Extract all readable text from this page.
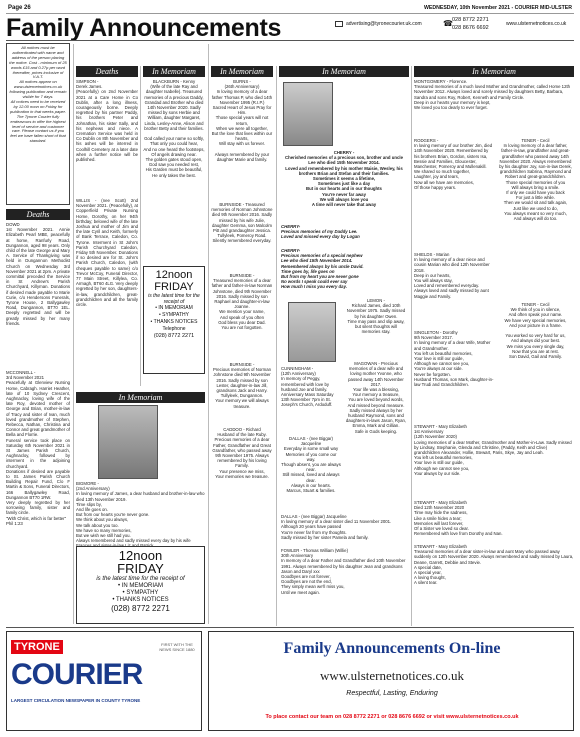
Page 26	WEDNESDAY, 10th November 2021 - COURIER MID-ULSTER
Family Announcements	advertising@tyronecourier.uk.com	☎ 028 8772 2271
028 8676 6692
www.ulsternetnotices.co.uk
All notices must be authenticated with name and address of the person placing the notice. Cost - minimum of 25 words £15 and 0.27p per word thereafter, prices inclusive of V.A.T.
All notices appear on www.ulsternetnotices.co.uk following publication and remain visible for 7 days.
All notices need to be received by 12.00 noon on Friday for publication in that weeks paper. The Tyrone Courier fully endeavours to offer the highest level of service and customer care. Please contact us if you feel we have fallen short of that standard.
Deaths
DOWD
1st November 2021. Annie Elizabeth Pearl MBE, peacefully at home, Ranfurly Road, Dungannon, aged 98 years. Only child of the late George and Mary A. Service of Thankgiving was held in Dungannon Methodist Church on Wednesday 3rd November 2021 at 2pm. A private committal preceded the Service in St Andrew's Parish Churchyard, Killyman. Donations if desired made payable to Marie Curie, c/o Hendersons Funerals, Tyrone House, 2 Ballygawley Road, Dungannon, BT70 1EL. Deeply regretted and will be greatly missed by her many friends.
MCCONNELL -
3rd November 2021
Peacefully at Glenview Nursing Home, Cabragh. Harriet Heather, late of 10 Sydney Crescent, Aughnacloy, loving wife of the late Roy, devoted mother of George and Brian, mother-in-law of Tracy and sister of Ivan, much loved grandmother of Stephen, Rebecca, Nathan, Christina and Connor and great grandmother of Bella and Florrie.
Funeral service took place on Saturday 6th November 2021 in St James Parish Church, Aughnacloy, followed by interment in the adjoining churchyard.
Donations if desired are payable to St. James Parish Church Building Repair Fund, C/o F Martin & Sons, Funeral Directors, 166 Ballygawley Road, Dungannon BT70 1RW.
Very deeply regretted by her sorrowing family, sister and family circle.
"With Christ, which is far better"
Phil 1:23
Deaths
SIMPSON -
Derek James.
(Peacefully) on 2nd November 2021 at a Care Home in Co Dublin, after a long illness, courageously borne. Deeply regretted by his partner Paddy, his brothers Peter and Johnathan, his sister Sally, and his nephews and niece. A Cremation Service was held in Co Dublin on 8th November and his ashes will be interred in Coolhill Cemetery at a later date when a further notice will be published.
WILLIS - (nee Scott) 2nd November 2021. (Peacefully), at Copperfield Private Nursing Home, Dorothy, on her 94th birthday; beloved wife of the late Joshua and mother of Jim and the late Cyril and Keith, formerly of Bank Terrace, Caledon, Co. Tyrone. Interment in St John's Parish Churchyard Caledon, Friday 5th November. Donations if so desired are for St. John's Parish Church, Caledon, (with cheques payable to same) c/o Trevor McCoy, Funeral Director, 77 Main Street, Killylea, Co. Armagh, BT60 4LG. Very deeply regretted by her son, daughters-in-law, grandchildren, great-grandchildren and all the family circle.
In Memoriam
BLACKBURN - Kenny
(Wife of the late Ray and daughter Isabelle). Treasured memories of a precious Daddy, Grandad and Brother who died 14th November 2020. Sadly missed by sons Herbie and William, daughter Margaret, Linda, Lesley-Anne, Alison and brother Betty and their families.

God called your name so softly,
That only you could hear,
And no one heard the footsteps,
Of angels drawing near.
The golden gates stood open,
God saw you needed rest,
His Garden must be beautiful,
He only takes the best.
12noon
FRIDAY
is the latest time for the receipt of
• IN MEMORIAM
• SYMPATHY
• THANKS NOTICES
Telephone
(028) 8772 2271
In Memoriam
BIGMORE -
(2nd Anniversary)
In loving memory of James, a dear husband and brother-in-law who died 13th November 2019.
Time slips by,
And life goes on.
But from our hearts you're never gone.
We think about you always,
We talk about you too.
We have so many memories,
But we wish we still had you.
Always remembered and sadly missed every day by his wife Frances and sister-in-law Liz and Patrick.
12noon
FRIDAY
is the latest time for the receipt of
• IN MEMORIAM
• SYMPATHY
• THANKS NOTICES
(028) 8772 2271
In Memoriam
BURNS -
(26th Anniversary)
In loving memory of a dear father Thomas P, who died 14th November 1995 (R.I.P.)
Sacred Heart of Jesus Pray for Him.
Those special years will not return,
When we were all together,
But the love that lives within our hearts,
Will stay with us forever.

Always remembered by your daughter Marie and family.
BURNSIDE - Treasured memories of Norman Johnstone died 9th November 2016. Sadly missed by his wife Julie, daughter Gemma, son Malcolm Pitt and grandaughter Jessica.
Tullyleek, Pomeroy Road.
Silently remembered everyday.
BURNSIDE -
Treasured memories of a dear father and father-in-law Norman Johnstone, died 9th November 2016. Sadly missed by son Raphael and daughter-in-law Joanne.
We mention your name,
And speak of you often
God bless you dear Dad.
You are not forgotten.
BURNSIDE -
Precious memories of Norman Johnstone died 9th November 2016. Sadly missed by son Lester, daughter-in-law Jill, grandsons Jack and Harry. Tullyleek, Dungannon.
Your memory we will always treasure.
CADDOO - Richard
Husband of the late Ruby.
Precious memories of a dear Father, Grandfather and Great Grandfather, who passed away 9th November 1975. Always remembered by his loving Family.
Your presence we miss,
Your memories we treasure.
In Memoriam
CHERRY -
Cherished memories of a precious son, brother and uncle Lee who died 15th November 2014.
Loved and remembered by his mother Maisie, Wesley, his brothers Brian and Stefan and their families.
Sometimes it seems a lifetime,
Sometimes just like a day
But in our hearts and in our thoughts
You're never far away
We will always love you
A time will never take that away
CHERRY-
Precious memories of my Daddy Lee.
Loved and missed every day by Logan
CHERRY-
Precious memories of a special nephew
Lee who died 15th November 2014.
Remembered always by his uncle David.
Time goes by, life goes on
But from my heart you are never gone
No words I speak could ever say
How much I miss you every day.
CUNNINGHAM -
(12th Anniversary)
In memory of Peggy, remembered with love by husband Joe and family. Anniversary Mass Saturday 13th November 7pm in St. Joseph's Church, Ardoduff.
LEMON -
Richard James, died 10th November 1975. Sadly missed by his daughter Owen.
Time may pass and slip away,
but silent thoughts will memories stay.
MAGOWAN - Precious memories of a dear wife and loving mother Yvonne, who passed away 14th November 2017.
Your life was a blessing,
Your memory a treasure,
You are loved beyond words,
And missed beyond measure.
Sadly missed always by her husband Raymond, sons and daughters-in-laws Jason, Ryan, Emma, Mark and Gillian.
Safe in Gods keeping.
DALLAS - (nee Biggar)
Jacqueline
Everyday in some small way
Memories of you come our way.
Though absent, you are always near.
Still missed, loved and always dear.
Always in our hearts.
Marcus, Stuart & families.
DALLAS - (nee Biggar) Jacqueline
In loving memory of a dear sister died 11 November 2001.
Although 20 years have passed
You're never far from my thoughts.
Sadly missed by her sister Pamela and family.
FOWLER - Thomas William (Willie)
30th Anniversary
In memory of a dear Father and Grandfather died 10th November 1991. Always remembered by his daughter Jean and grandsons Jason and Daryl xxx
Goodbyes are not forever,
Goodbyes are not the end,
They simply mean we'll miss you,
Until we meet again.
In Memoriam
MONTGOMERY - Florence.
Treasured memories of a much loved Mother and Grandmother, called Home 12th November 2012. Always loved and sorely missed by daughters Betty, Barbara, Sandra and sons Roy, Robert, Kenneth and Family Circle.
Deep in our hearts your memory is kept,
We loved you too dearly to ever forget.
RODGERS -
In loving memory of our brother Jim, died 14th November 2020. Remembered by his brothers Brian, Gordon, sisters Isa, Bessie and Families, Gloucester, Manchester, Pomeroy and Mullenakill.
We shared so much together,
Laughter, joy and tears,
Now all we have are memories,
Of those happy years.
SHIELDS - Marian
In loving memory of a dear niece and cousin Marian who died 12th November 2018.
Deep in our hearts,
You will always stay,
Loved and remembered everyday.
Always loved and sadly missed by aunt Maggie and Family.
SINGLETON - Dorothy
9th November 2017.
In loving memory of a dear Wife, Mother and Grandmother.
You left us beautiful memories,
Your love is still our guide,
Although we cannot see you,
You're always at our side.
Never be forgotten.
Husband Thomas, son Mark, daughter-in-law Trudi and Grandchildren.
TENER - Cecil
In loving memory of a dear father, father-in-law, grandfather and great-grandfather who passed away 14th November 2020. Always remembered by his daughter Joy, son-in-law Derek, grandchildren Sabrina, Raymond and Robert and great-grandchildren.
Those special memories of you
Will always bring a smile.
If only we could have you back
For just a little while.
Then we would sit and talk again,
Just like we used to do,
You always meant so very much,
And always will do too.
TENER - Cecil
We think of you in silence,
And often speak your name.
We have very special memories,
And your picture in a frame.

You worked so very hard for us,
And always did your best.
We miss you every single day,
Now that you are at rest.
Son David, Gail and Family.
STEWART - Mary Elizabeth
1st Anniversary
(12th November 2020)
Loving memories of a dear Mother, Grandmother and Mother-in-Law. Sadly missed by Lindsay, Stephanie, Glenda and Christine, (Paddy, Keith and Clive) grandchildren Alexander, Hollie, Stewart, Paris, Skye, Jay and Leah.
You left us beautiful memories,
Your love is still our guide,
Although we cannot see you,
Your always by our side.
STEWART - Mary Elizabeth
Died 12th November 2020
Time may hide the sadness,
Like a smile hides a tear;
Memories will last forever,
Of a Sister we loved so dear.
Remembered with love from Dorothy and Nan.
STEWART - Mary Elizabeth
Treasured memories of a dear sister-in-law and aunt Mary who passed away suddenly on 12th November 2020. Always remembered and sadly missed by Laura, Deane, Garrett, Debbie and Stevie.
A special date,
A special year,
A loving thought,
A silent tear.
TYRONE
COURIER
LARGEST CIRCULATION NEWSPAPER IN COUNTY TYRONE
FIRST WITH THE NEWS SINCE 1880	Family Announcements On-line
www.ulsternetnotices.co.uk
Respectful, Lasting, Enduring
To place contact our team on 028 8772 2271 or 028 8676 6692 or visit www.ulsternetnotices.co.uk
